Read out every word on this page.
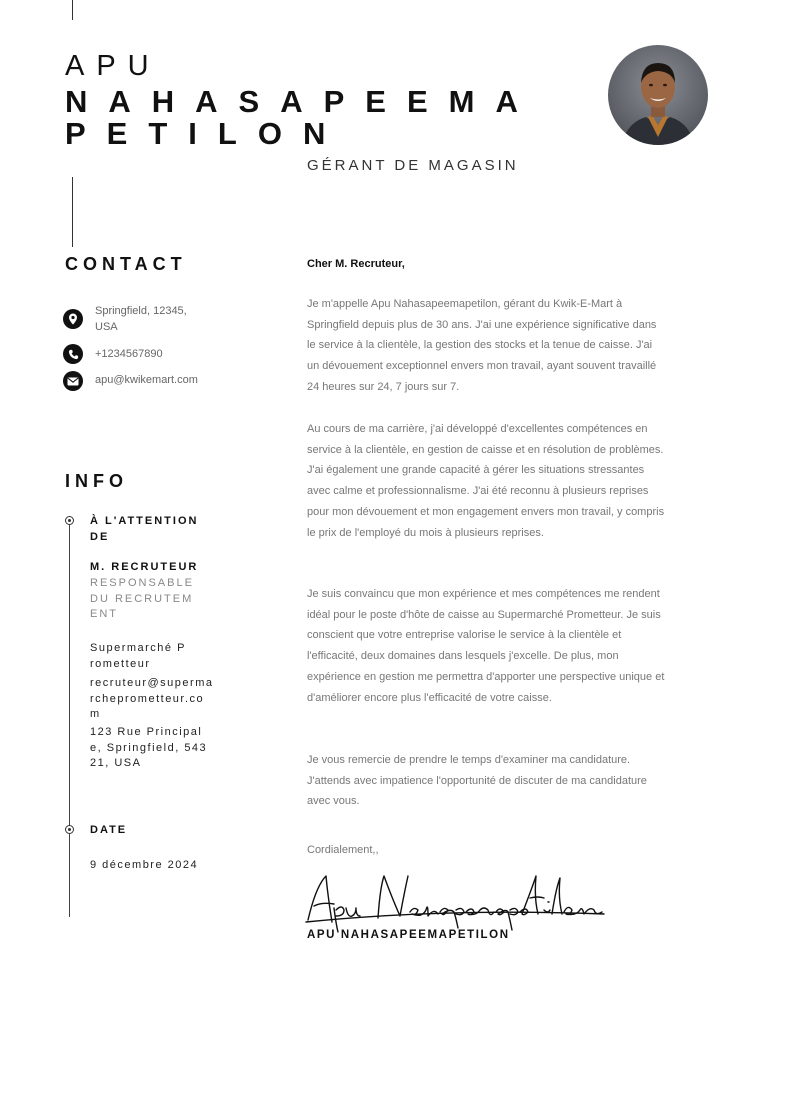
APU
NAHASAPEEMA PETILON
GÉRANT DE MAGASIN
CONTACT
Springfield, 12345, USA
+1234567890
apu@kwikemart.com
INFO
À L'ATTENTION DE
M. RECRUTEUR
RESPONSABLE DU RECRUTEMENT
Supermarché Prometteur
recruteur@supermarcheprometteur.com
123 Rue Principale, Springfield, 54321, USA
DATE
9 décembre 2024
Cher M. Recruteur,

Je m'appelle Apu Nahasapeemapetilon, gérant du Kwik-E-Mart à Springfield depuis plus de 30 ans. J'ai une expérience significative dans le service à la clientèle, la gestion des stocks et la tenue de caisse. J'ai un dévouement exceptionnel envers mon travail, ayant souvent travaillé 24 heures sur 24, 7 jours sur 7.

Au cours de ma carrière, j'ai développé d'excellentes compétences en service à la clientèle, en gestion de caisse et en résolution de problèmes. J'ai également une grande capacité à gérer les situations stressantes avec calme et professionnalisme. J'ai été reconnu à plusieurs reprises pour mon dévouement et mon engagement envers mon travail, y compris le prix de l'employé du mois à plusieurs reprises.

Je suis convaincu que mon expérience et mes compétences me rendent idéal pour le poste d'hôte de caisse au Supermarché Prometteur. Je suis conscient que votre entreprise valorise le service à la clientèle et l'efficacité, deux domaines dans lesquels j'excelle. De plus, mon expérience en gestion me permettra d'apporter une perspective unique et d'améliorer encore plus l'efficacité de votre caisse.

Je vous remercie de prendre le temps d'examiner ma candidature. J'attends avec impatience l'opportunité de discuter de ma candidature avec vous.

Cordialement,,
APU NAHASAPEEMAPETILON
